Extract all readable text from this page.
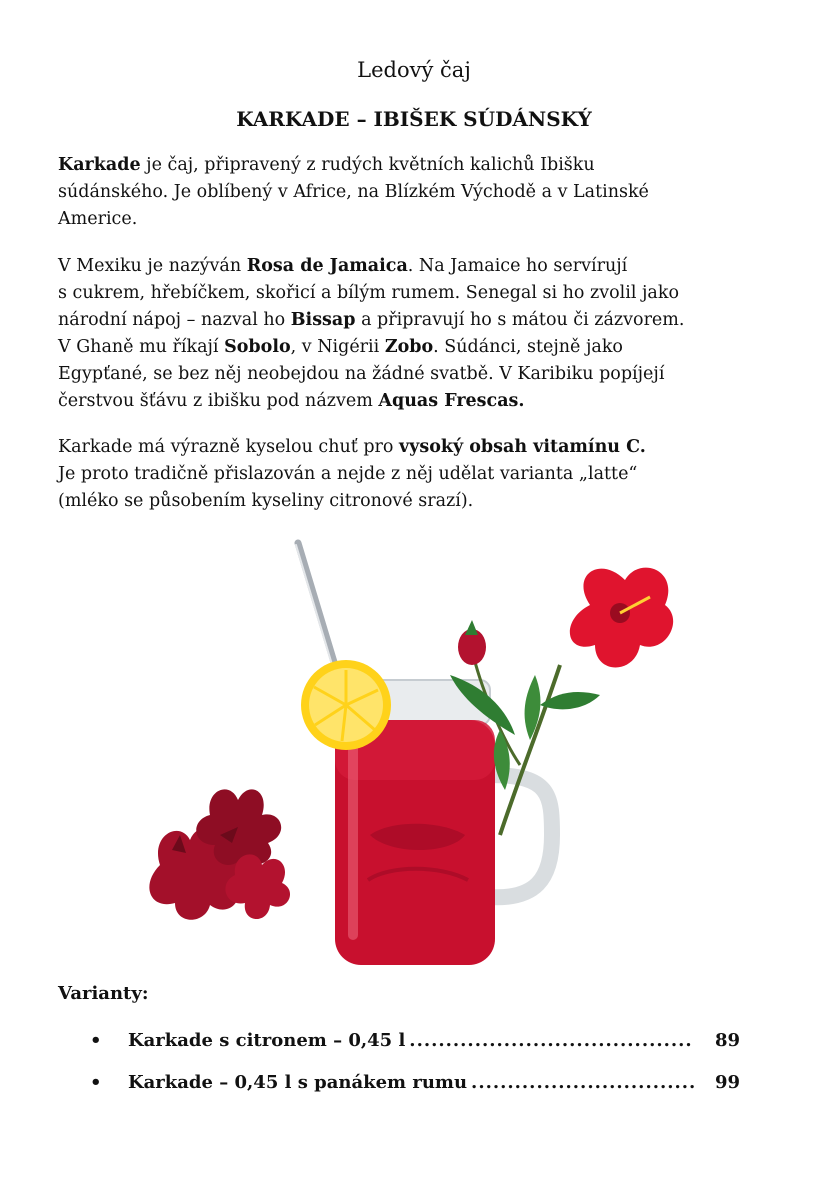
Ledový čaj
KARKADE – IBIŠEK SÚDÁNSKÝ

Karkade je čaj, připravený z rudých květních kalichů Ibišku
súdánského. Je oblíbený v Africe, na Blízkém Východě a v Latinské
Americe.

V Mexiku je nazýván Rosa de Jamaica. Na Jamaice ho servírují
s cukrem, hřebíčkem, skořicí a bílým rumem. Senegal si ho zvolil jako
národní nápoj – nazval ho Bissap a připravují ho s mátou či zázvorem.
V Ghaně mu říkají Sobolo, v Nigérii Zobo. Súdánci, stejně jako
Egypťané, se bez něj neobejdou na žádné svatbě. V Karibiku popíjejí
čerstvou šťávu z ibišku pod názvem Aquas Frescas.

Karkade má výrazně kyselou chuť pro vysoký obsah vitamínu C.
Je proto tradičně přislazován a nejde z něj udělat varianta „latte“
(mléko se působením kyseliny citronové srazí).

Varianty:
•	Karkade s citronem – 0,45 l .......................................	89
•	Karkade – 0,45 l s panákem rumu ...............................	99
